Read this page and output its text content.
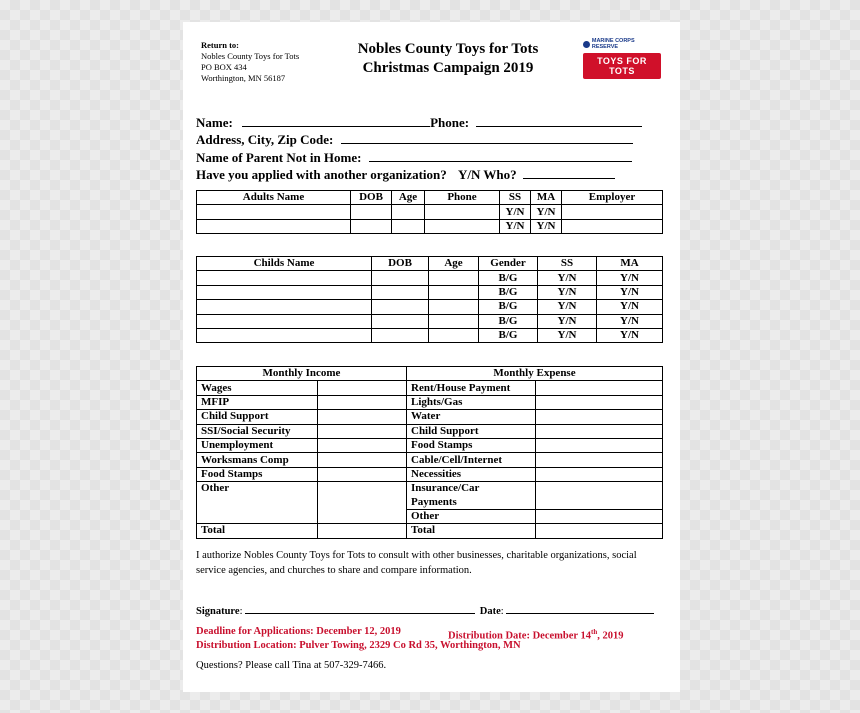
Return to:
Nobles County Toys for Tots
PO BOX 434
Worthington, MN 56187
Nobles County Toys for Tots
Christmas Campaign 2019
MARINE CORPS RESERVE
TOYS FOR TOTS
Name:	Phone:
Address, City, Zip Code:
Name of Parent Not in Home:
Have you applied with another organization? Y/N Who?
Adults Name	DOB	Age	Phone	SS	MA	Employer
				Y/N	Y/N	
				Y/N	Y/N	
Childs Name	DOB	Age	Gender	SS	MA
			B/G	Y/N	Y/N
			B/G	Y/N	Y/N
			B/G	Y/N	Y/N
			B/G	Y/N	Y/N
			B/G	Y/N	Y/N
Monthly Income		Monthly Expense	
Wages		Rent/House Payment	
MFIP		Lights/Gas	
Child Support		Water	
SSI/Social Security		Child Support	
Unemployment		Food Stamps	
Worksmans Comp		Cable/Cell/Internet	
Food Stamps		Necessities	
Other		Insurance/Car	
		Payments	
		Other	
Total		Total	
I authorize Nobles County Toys for Tots to consult with other businesses, charitable organizations, social service agencies, and churches to share and compare information.
Signature:	Date:
Deadline for Applications: December 12, 2019	Distribution Date: December 14th, 2019
Distribution Location: Pulver Towing, 2329 Co Rd 35, Worthington, MN
Questions? Please call Tina at 507-329-7466.
